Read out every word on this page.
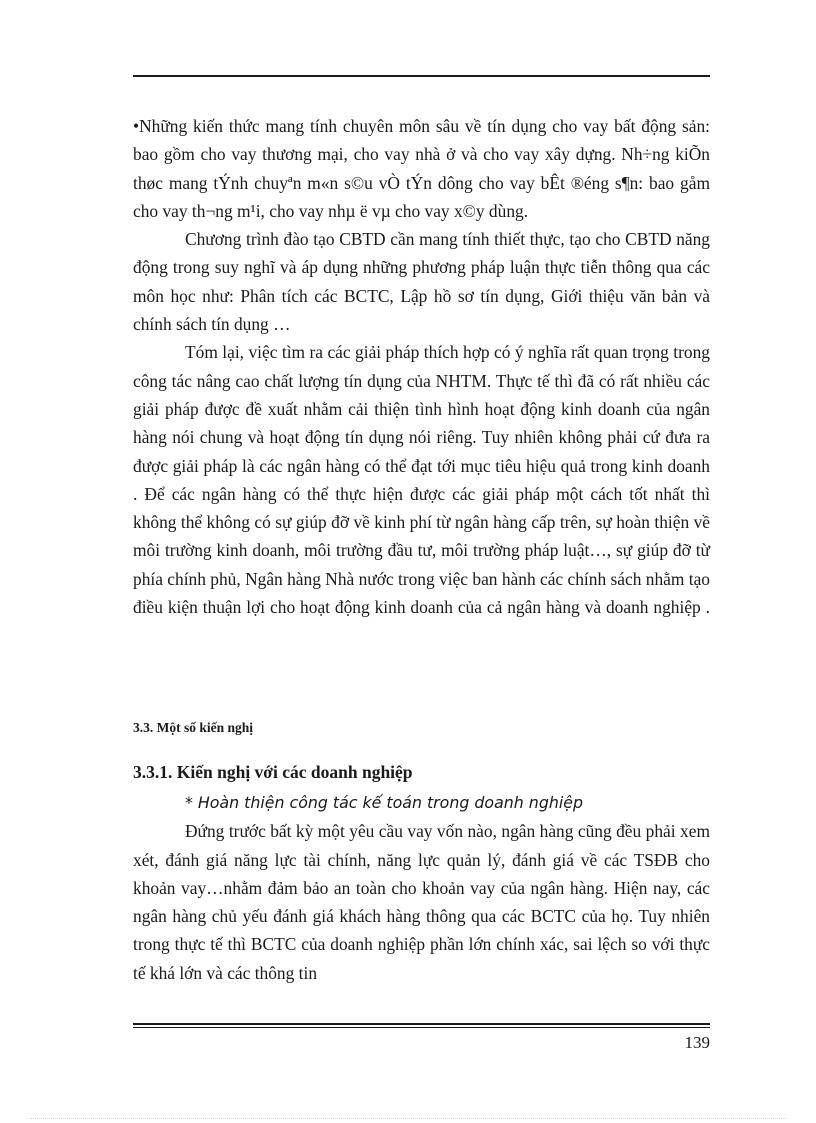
•Những kiến thức mang tính chuyên môn sâu về tín dụng cho vay bất động sản: bao gồm cho vay thương mại, cho vay nhà ở và cho vay xây dựng. Nh÷ng kiÕn thøc mang tÝnh chuyªn m«n s©u vÒ tÝn dông cho vay bÊt ®éng s¶n: bao gåm cho vay th¬ng m¹i, cho vay nhµ ë vµ cho vay x©y dùng.

Chương trình đào tạo CBTD cần mang tính thiết thực, tạo cho CBTD năng động trong suy nghĩ và áp dụng những phương pháp luận thực tiễn thông qua các môn học như: Phân tích các BCTC, Lập hồ sơ tín dụng, Giới thiệu văn bản và chính sách tín dụng …

Tóm lại, việc tìm ra các giải pháp thích hợp có ý nghĩa rất quan trọng trong công tác nâng cao chất lượng tín dụng của NHTM. Thực tế thì đã có rất nhiều các giải pháp được đề xuất nhằm cải thiện tình hình hoạt động kinh doanh của ngân hàng nói chung và hoạt động tín dụng nói riêng. Tuy nhiên không phải cứ đưa ra được giải pháp là các ngân hàng có thể đạt tới mục tiêu hiệu quả trong kinh doanh . Để các ngân hàng có thể thực hiện được các giải pháp một cách tốt nhất thì không thể không có sự giúp đỡ về kinh phí từ ngân hàng cấp trên, sự hoàn thiện về môi trường kinh doanh, môi trường đầu tư, môi trường pháp luật…, sự giúp đỡ từ phía chính phủ, Ngân hàng Nhà nước trong việc ban hành các chính sách nhằm tạo điều kiện thuận lợi cho hoạt động kinh doanh của cả ngân hàng và doanh nghiệp .

3.3. Một số kiến nghị
3.3.1. Kiến nghị với các doanh nghiệp

* Hoàn thiện công tác kế toán trong doanh nghiệp

Đứng trước bất kỳ một yêu cầu vay vốn nào, ngân hàng cũng đều phải xem xét, đánh giá năng lực tài chính, năng lực quản lý, đánh giá về các TSĐB cho khoản vay…nhằm đảm bảo an toàn cho khoản vay của ngân hàng. Hiện nay, các ngân hàng chủ yếu đánh giá khách hàng thông qua các BCTC của họ. Tuy nhiên trong thực tế thì BCTC của doanh nghiệp phần lớn chính xác, sai lệch so với thực tế khá lớn và các thông tin

139
